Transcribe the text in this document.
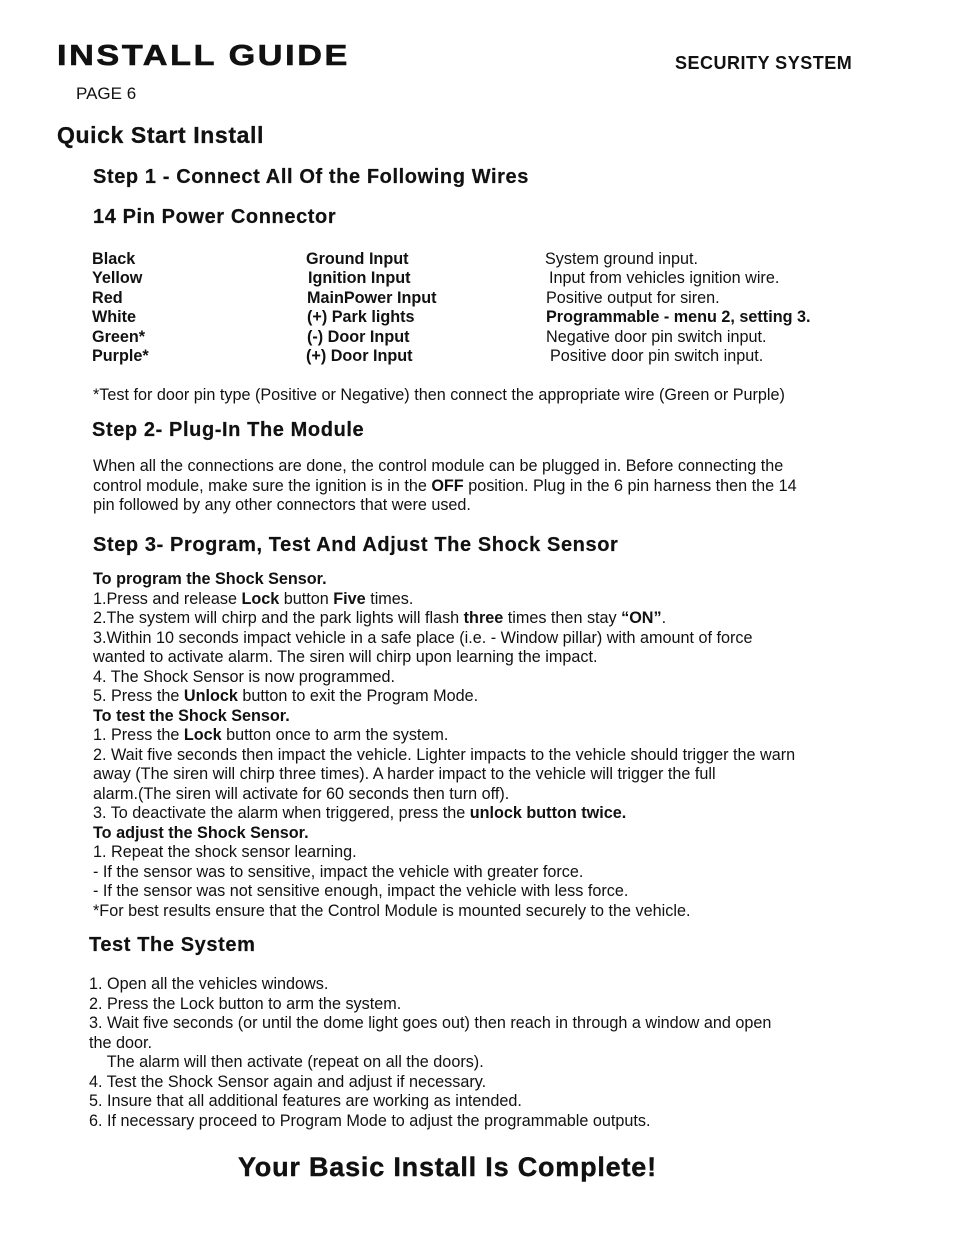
INSTALL GUIDE	SECURITY SYSTEM
PAGE 6
Quick Start Install
Step 1 - Connect All Of the Following Wires
14 Pin Power Connector
Black	Ground Input	System ground input.
Yellow	Ignition Input	Input from vehicles ignition wire.
Red	MainPower Input	Positive output for siren.
White	(+) Park lights	Programmable - menu 2, setting 3.
Green*	(-) Door Input	Negative door pin switch input.
Purple*	(+) Door Input	Positive door pin switch input.
*Test for door pin type (Positive or Negative) then connect the appropriate wire (Green or Purple)
Step 2- Plug-In The Module
When all the connections are done, the control module can be plugged in. Before connecting the
control module, make sure the ignition is in the OFF position. Plug in the 6 pin harness then the 14
pin followed by any other connectors that were used.
Step 3- Program, Test And Adjust The Shock Sensor
To program the Shock Sensor.
1.Press and release Lock button Five times.
2.The system will chirp and the park lights will flash three times then stay “ON”.
3.Within 10 seconds impact vehicle in a safe place (i.e. - Window pillar) with amount of force
wanted to activate alarm. The siren will chirp upon learning the impact.
4. The Shock Sensor is now programmed.
5. Press the Unlock button to exit the Program Mode.
To test the Shock Sensor.
1. Press the Lock button once to arm the system.
2. Wait five seconds then impact the vehicle. Lighter impacts to the vehicle should trigger the warn
away (The siren will chirp three times). A harder impact to the vehicle will trigger the full
alarm.(The siren will activate for 60 seconds then turn off).
3. To deactivate the alarm when triggered, press the unlock button twice.
To adjust the Shock Sensor.
1. Repeat the shock sensor learning.
- If the sensor was to sensitive, impact the vehicle with greater force.
- If the sensor was not sensitive enough, impact the vehicle with less force.
*For best results ensure that the Control Module is mounted securely to the vehicle.
Test The System
1. Open all the vehicles windows.
2. Press the Lock button to arm the system.
3. Wait five seconds (or until the dome light goes out) then reach in through a window and open
the door.
The alarm will then activate (repeat on all the doors).
4. Test the Shock Sensor again and adjust if necessary.
5. Insure that all additional features are working as intended.
6. If necessary proceed to Program Mode to adjust the programmable outputs.
Your Basic Install Is Complete!
